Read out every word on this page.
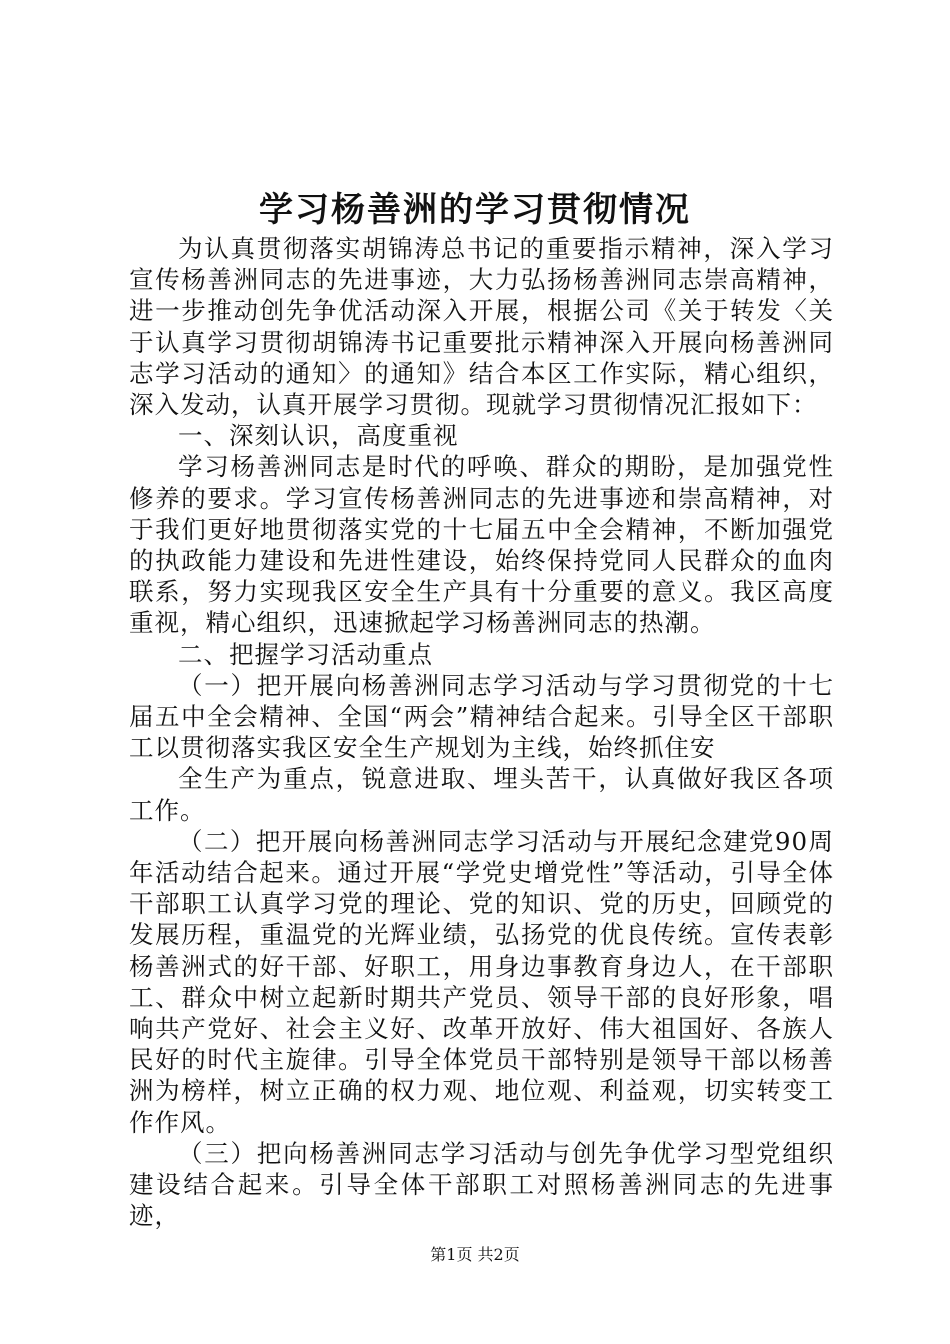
学习杨善洲的学习贯彻情况

为认真贯彻落实胡锦涛总书记的重要指示精神，深入学习宣传杨善洲同志的先进事迹，大力弘扬杨善洲同志崇高精神，进一步推动创先争优活动深入开展，根据公司《关于转发〈关于认真学习贯彻胡锦涛书记重要批示精神深入开展向杨善洲同志学习活动的通知〉的通知》结合本区工作实际，精心组织，深入发动，认真开展学习贯彻。现就学习贯彻情况汇报如下：

一、深刻认识，高度重视

学习杨善洲同志是时代的呼唤、群众的期盼，是加强党性修养的要求。学习宣传杨善洲同志的先进事迹和崇高精神，对于我们更好地贯彻落实党的十七届五中全会精神，不断加强党的执政能力建设和先进性建设，始终保持党同人民群众的血肉联系，努力实现我区安全生产具有十分重要的意义。我区高度重视，精心组织，迅速掀起学习杨善洲同志的热潮。

二、把握学习活动重点

（一）把开展向杨善洲同志学习活动与学习贯彻党的十七届五中全会精神、全国“两会”精神结合起来。引导全区干部职工以贯彻落实我区安全生产规划为主线，始终抓住安

全生产为重点，锐意进取、埋头苦干，认真做好我区各项工作。

（二）把开展向杨善洲同志学习活动与开展纪念建党90周年活动结合起来。通过开展“学党史增党性”等活动，引导全体干部职工认真学习党的理论、党的知识、党的历史，回顾党的发展历程，重温党的光辉业绩，弘扬党的优良传统。宣传表彰杨善洲式的好干部、好职工，用身边事教育身边人，在干部职工、群众中树立起新时期共产党员、领导干部的良好形象，唱响共产党好、社会主义好、改革开放好、伟大祖国好、各族人民好的时代主旋律。引导全体党员干部特别是领导干部以杨善洲为榜样，树立正确的权力观、地位观、利益观，切实转变工作作风。

（三）把向杨善洲同志学习活动与创先争优学习型党组织建设结合起来。引导全体干部职工对照杨善洲同志的先进事迹，

第1页 共2页
